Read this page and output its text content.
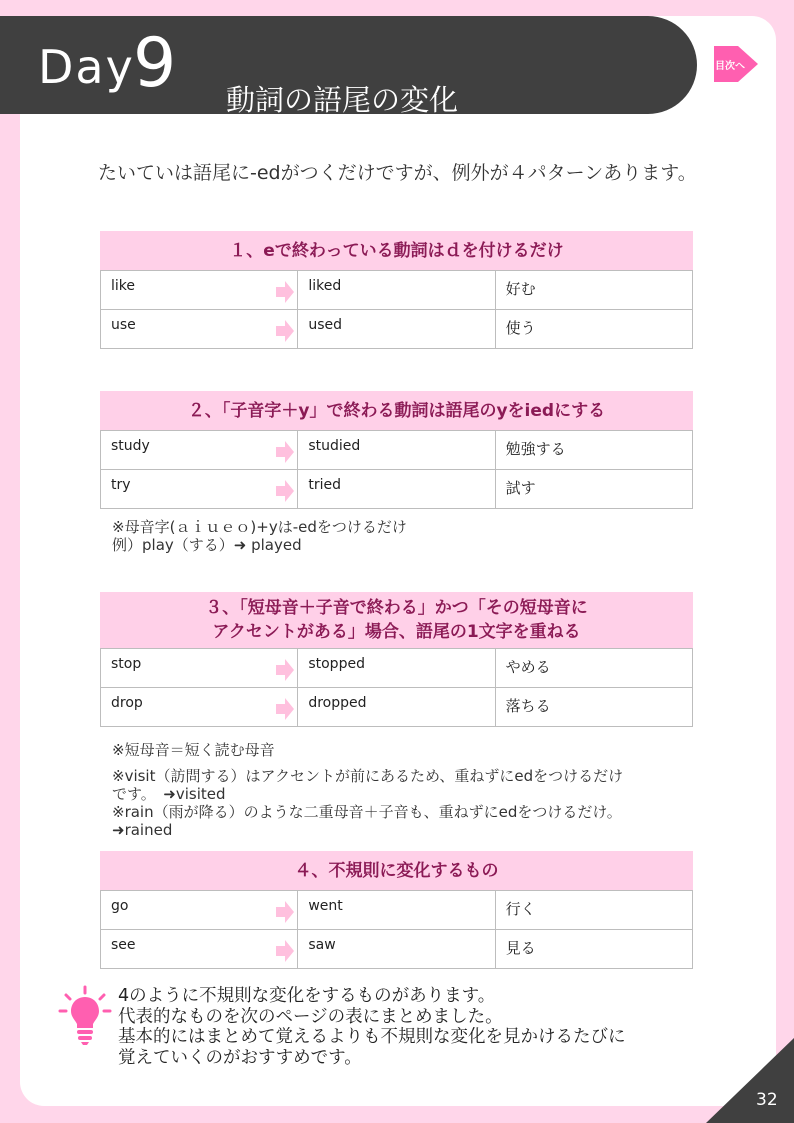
Day
9 動詞の語尾の変化
目次へ
たいていは語尾に-edがつくだけですが、例外が４パターンあります。
１、eで終わっている動詞はｄを付けるだけ
like	liked	好む
use	used	使う
２、「子音字＋y」で終わる動詞は語尾のyをiedにする
study	studied	勉強する
try	tried	試す
※母音字(ａｉｕｅｏ)+yは-edをつけるだけ
例）play（する）➜ played
３、「短母音＋子音で終わる」かつ「その短母音に
アクセントがある」場合、語尾の1文字を重ねる
stop	stopped	やめる
drop	dropped	落ちる
※短母音＝短く読む母音
※visit（訪問する）はアクセントが前にあるため、重ねずにedをつけるだけ
です。　➜visited
※rain（雨が降る）のような二重母音＋子音も、重ねずにedをつけるだけ。
➜rained
４、不規則に変化するもの
go	went	行く
see	saw	見る
4のように不規則な変化をするものがあります。
代表的なものを次のページの表にまとめました。
基本的にはまとめて覚えるよりも不規則な変化を見かけるたびに
覚えていくのがおすすめです。
32
